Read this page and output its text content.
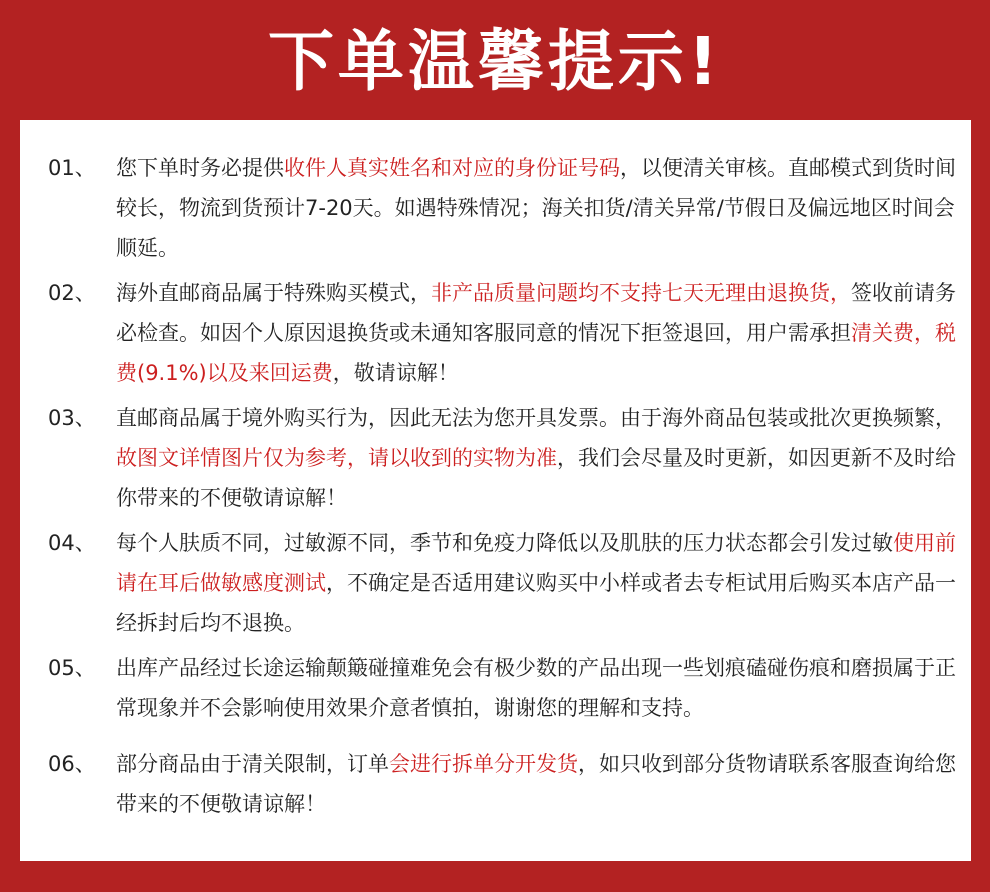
下单温馨提示!
01、 您下单时务必提供收件人真实姓名和对应的身份证号码，以便清关审核。直邮模式到货时间较长，物流到货预计7-20天。如遇特殊情况；海关扣货/清关异常/节假日及偏远地区时间会顺延。
02、 海外直邮商品属于特殊购买模式，非产品质量问题均不支持七天无理由退换货，签收前请务必检查。如因个人原因退换货或未通知客服同意的情况下拒签退回，用户需承担清关费，税费(9.1%)以及来回运费，敬请谅解！
03、 直邮商品属于境外购买行为，因此无法为您开具发票。由于海外商品包装或批次更换频繁，故图文详情图片仅为参考，请以收到的实物为准，我们会尽量及时更新，如因更新不及时给你带来的不便敬请谅解！
04、 每个人肤质不同，过敏源不同，季节和免疫力降低以及肌肤的压力状态都会引发过敏使用前请在耳后做敏感度测试，不确定是否适用建议购买中小样或者去专柜试用后购买本店产品一经拆封后均不退换。
05、 出库产品经过长途运输颠簸碰撞难免会有极少数的产品出现一些划痕磕碰伤痕和磨损属于正常现象并不会影响使用效果介意者慎拍，谢谢您的理解和支持。
06、 部分商品由于清关限制，订单会进行拆单分开发货，如只收到部分货物请联系客服查询给您带来的不便敬请谅解！
